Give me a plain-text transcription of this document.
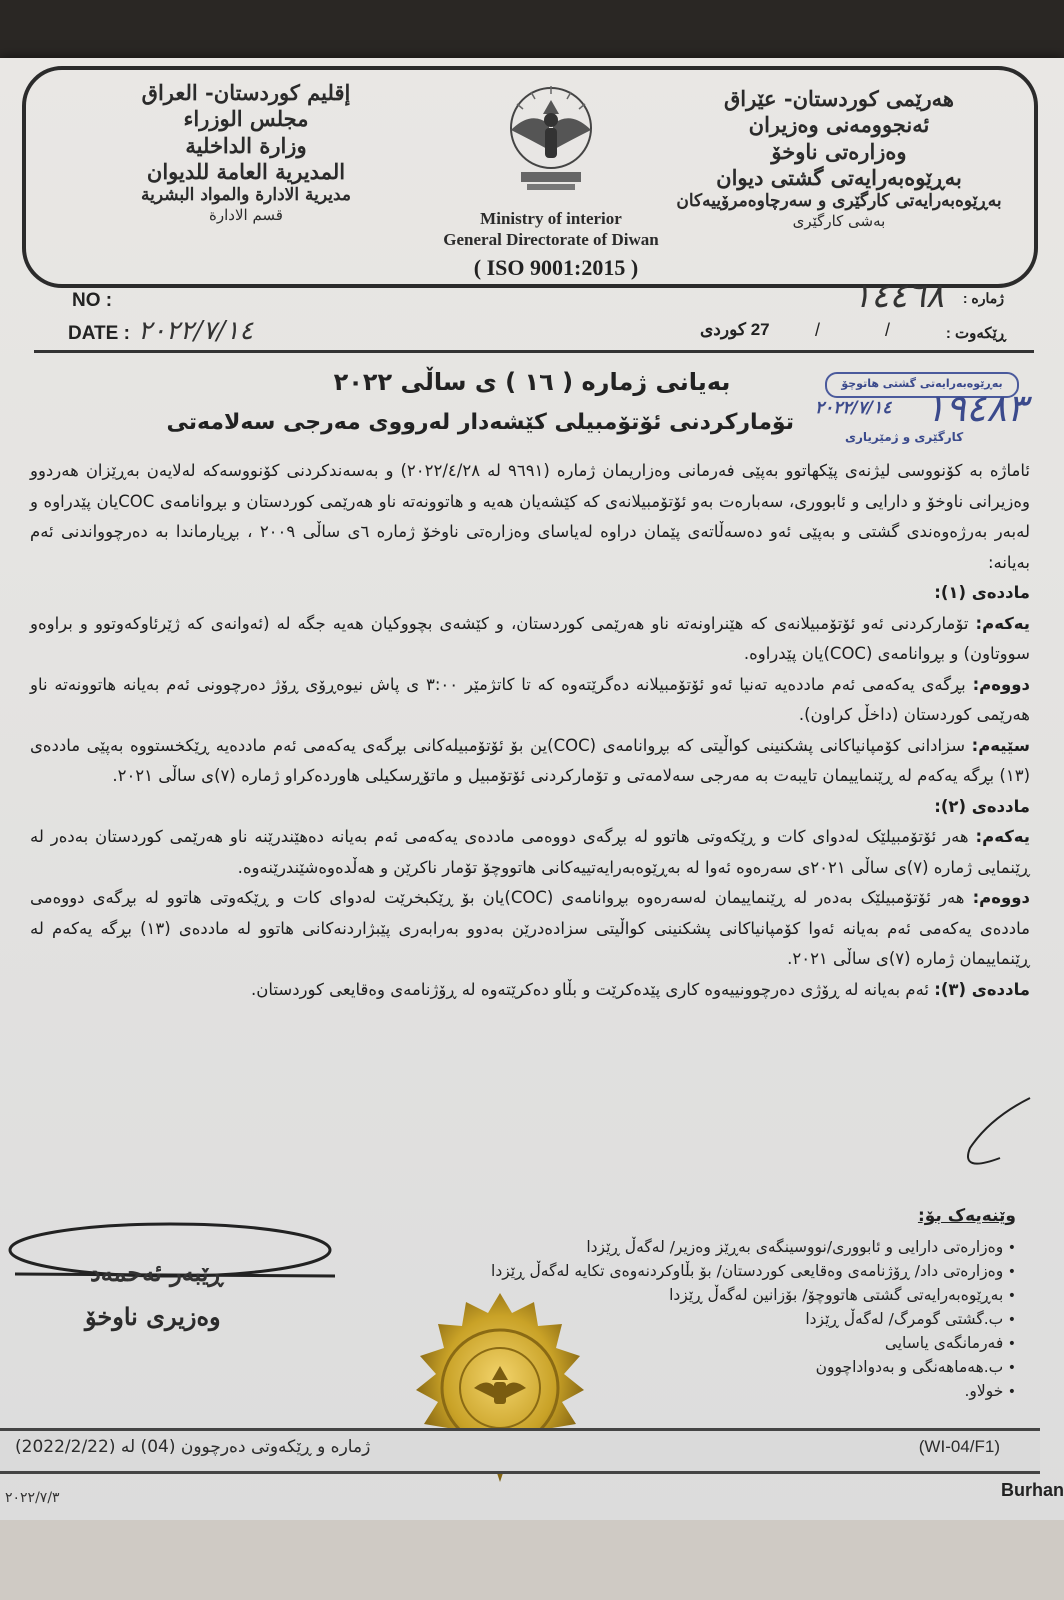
إقليم كوردستان- العراق
مجلس الوزراء
وزارة الداخلية
المديرية العامة للديوان
مديرية الادارة والمواد البشرية
قسم الادارة	Ministry of interior
General Directorate of Diwan
( ISO 9001:2015 )
هەرێمی کوردستان- عێراق
ئەنجوومەنی وەزیران
وەزارەتی ناوخۆ
بەڕێوەبەرایەتی گشتی دیوان
بەڕێوەبەرایەتی کارگێری و سەرچاوەمرۆییەکان
بەشی کارگێری
NO :
DATE : ٢٠٢٢/٧/١٤
١٤٤٦٨ ژمارە :
27 کوردی	/	/	ڕێکەوت :
بەیانی ژمارە ( ١٦ ) ی ساڵی ٢٠٢٢
تۆمارکردنی ئۆتۆمبیلی کێشەدار لەرووی مەرجی سەلامەتی
بەڕێوەبەرایەتی گشتی هاتوچۆ
٢٠٢٢/٧/١٤ ١٩٤٨٣
کارگێری و ژمێریاری

ئاماژە بە کۆنووسی لیژنەی پێکهاتوو بەپێی فەرمانی وەزاریمان ژمارە (٩٦٩١ لە ٢٠٢٢/٤/٢٨) و بەسەندکردنی کۆنووسەکە لەلایەن بەڕێزان هەردوو وەزیرانی ناوخۆ و دارایی و ئابووری، سەبارەت بەو ئۆتۆمبیلانەی کە کێشەیان هەیە و هاتوونەتە ناو هەرێمی کوردستان و بڕوانامەی COCیان پێدراوە و لەبەر بەرژەوەندی گشتی و بەپێی ئەو دەسەڵاتەی پێمان دراوە لەیاسای وەزارەتی ناوخۆ ژمارە ٦ی ساڵی ٢٠٠٩ ، بڕیارماندا بە دەرچوواندنی ئەم بەیانە:

ماددەی (١):

یەکەم: تۆمارکردنی ئەو ئۆتۆمبیلانەی کە هێنراونەتە ناو هەرێمی کوردستان، و کێشەی بچووکیان هەیە جگە لە (ئەوانەی کە ژێرئاوکەوتوو و براوەو سووتاون) و بڕوانامەی (COC)یان پێدراوە.

دووەم: بڕگەی یەکەمی ئەم ماددەیە تەنیا ئەو ئۆتۆمبیلانە دەگرێتەوە کە تا کاتژمێر ٣:٠٠ ی پاش نیوەڕۆی ڕۆژ دەرچوونی ئەم بەیانە هاتوونەتە ناو هەرێمی کوردستان (داخڵ کراون).

سێیەم: سزادانی کۆمپانیاکانی پشکنینی کواڵیتی کە بڕوانامەی (COC)ین بۆ ئۆتۆمبیلەکانی بڕگەی یەکەمی ئەم ماددەیە ڕێکخستووە بەپێی ماددەی (١٣) بڕگە یەکەم لە ڕێنماییمان تایبەت بە مەرجی سەلامەتی و تۆمارکردنی ئۆتۆمبیل و ماتۆڕسکیلی هاوردەکراو ژمارە (٧)ی ساڵی ٢٠٢١.

ماددەی (٢):

یەکەم: هەر ئۆتۆمبیلێک لەدوای کات و ڕێکەوتی هاتوو لە بڕگەی دووەمی ماددەی یەکەمی ئەم بەیانە دەهێندرێنە ناو هەرێمی کوردستان بەدەر لە ڕێنمایی ژمارە (٧)ی ساڵی ٢٠٢١ی سەرەوە ئەوا لە بەڕێوەبەرایەتییەکانی هاتووچۆ تۆمار ناکرێن و هەڵدەوەشێندرێنەوە.

دووەم: هەر ئۆتۆمبیلێک بەدەر لە ڕێنماییمان لەسەرەوە بڕوانامەی (COC)یان بۆ ڕێکبخرێت لەدوای کات و ڕێکەوتی هاتوو لە بڕگەی دووەمی ماددەی یەکەمی ئەم بەیانە ئەوا کۆمپانیاکانی پشکنینی کواڵیتی سزادەدرێن بەدوو بەرابەری پێبژاردنەکانی هاتوو لە ماددەی (١٣) بڕگە یەکەم لە ڕێنماییمان ژمارە (٧)ی ساڵی ٢٠٢١.

ماددەی (٣): ئەم بەیانە لە ڕۆژی دەرچوونییەوە کاری پێدەکرێت و بڵاو دەکرێتەوە لە ڕۆژنامەی وەقایعی کوردستان.

وێنەیەک بۆ:
• وەزارەتی دارایی و ئابووری/نووسینگەی بەڕێز وەزیر/ لەگەڵ ڕێزدا
• وەزارەتی داد/ ڕۆژنامەی وەقایعی کوردستان/ بۆ بڵاوکردنەوەی تکایە لەگەڵ ڕێزدا
• بەڕێوەبەرایەتی گشتی هاتووچۆ/ بۆزانین لەگەڵ ڕێزدا
• ب.گشتی گومرگ/ لەگەڵ ڕێزدا
• فەرمانگەی یاسایی
• ب.هەماهەنگی و بەدواداچوون
• خولاو.
ڕێبەر ئەحمەد
وەزیری ناوخۆ
ژمارە و ڕێکەوتی دەرچوون (04) لە (2022/2/22)	(WI-04/F1)
٢٠٢٢/٧/٣	Burhan
